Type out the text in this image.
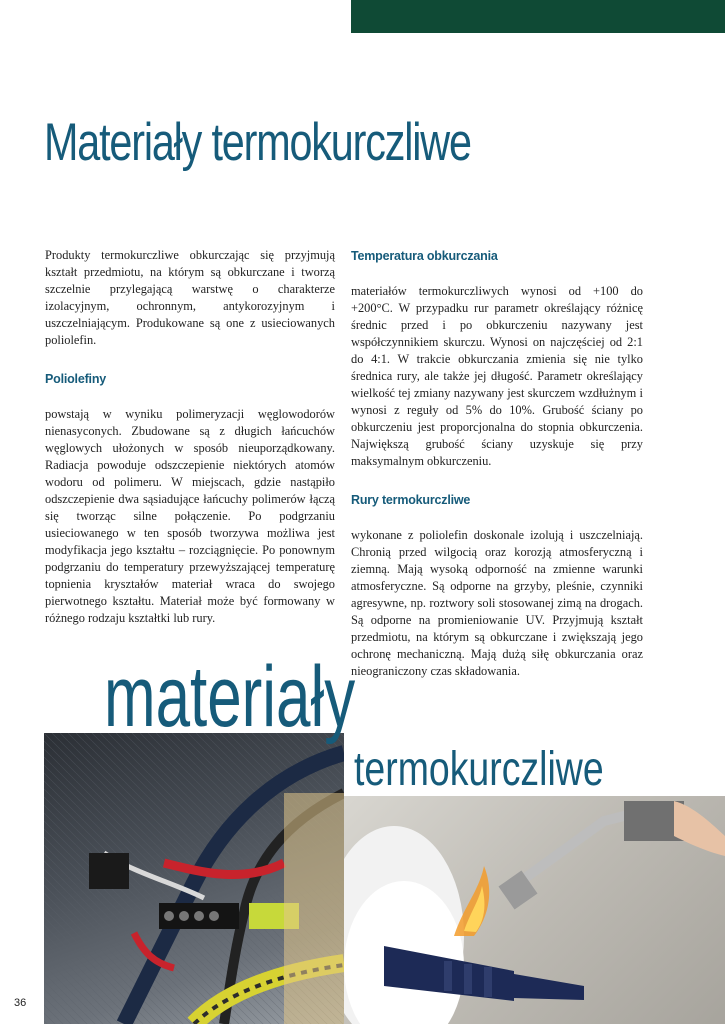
Materiały termokurczliwe

Produkty termokurczliwe obkurczając się przyjmują kształt przedmiotu, na którym są obkurczane i tworzą szczelnie przylegającą warstwę o charakterze izolacyjnym, ochronnym, antykorozyjnym i uszczelniającym. Produkowane są one z usieciowanych poliolefin.

Poliolefiny

powstają w wyniku polimeryzacji węglowodorów nienasyconych. Zbudowane są z długich łańcuchów węglowych ułożonych w sposób nieuporządkowany. Radiacja powoduje odszczepienie niektórych atomów wodoru od polimeru. W miejscach, gdzie nastąpiło odszczepienie dwa sąsiadujące łańcuchy polimerów łączą się tworząc silne połączenie. Po podgrzaniu usieciowanego w ten sposób tworzywa możliwa jest modyfikacja jego kształtu – rozciągnięcie. Po ponownym podgrzaniu do temperatury przewyższającej temperaturę topnienia kryształów materiał wraca do swojego pierwotnego kształtu. Materiał może być formowany w różnego rodzaju kształtki lub rury.

Temperatura obkurczania

materiałów termokurczliwych wynosi od +100 do +200°C. W przypadku rur parametr określający różnicę średnic przed i po obkurczeniu nazywany jest współczynnikiem skurczu. Wynosi on najczęściej od 2:1 do 4:1. W trakcie obkurczania zmienia się nie tylko średnica rury, ale także jej długość. Parametr określający wielkość tej zmiany nazywany jest skurczem wzdłużnym i wynosi z reguły od 5% do 10%. Grubość ściany po obkurczeniu jest proporcjonalna do stopnia obkurczenia. Największą grubość ściany uzyskuje się przy maksymalnym obkurczeniu.

Rury termokurczliwe

wykonane z poliolefin doskonale izolują i uszczelniają. Chronią przed wilgocią oraz korozją atmosferyczną i ziemną. Mają wysoką odporność na zmienne warunki atmosferyczne. Są odporne na grzyby, pleśnie, czynniki agresywne, np. roztwory soli stosowanej zimą na drogach. Są odporne na promieniowanie UV. Przyjmują kształt przedmiotu, na którym są obkurczane i zwiększają jego ochronę mechaniczną. Mają dużą siłę obkurczania oraz nieograniczony czas składowania.

materiały
termokurczliwe
36
